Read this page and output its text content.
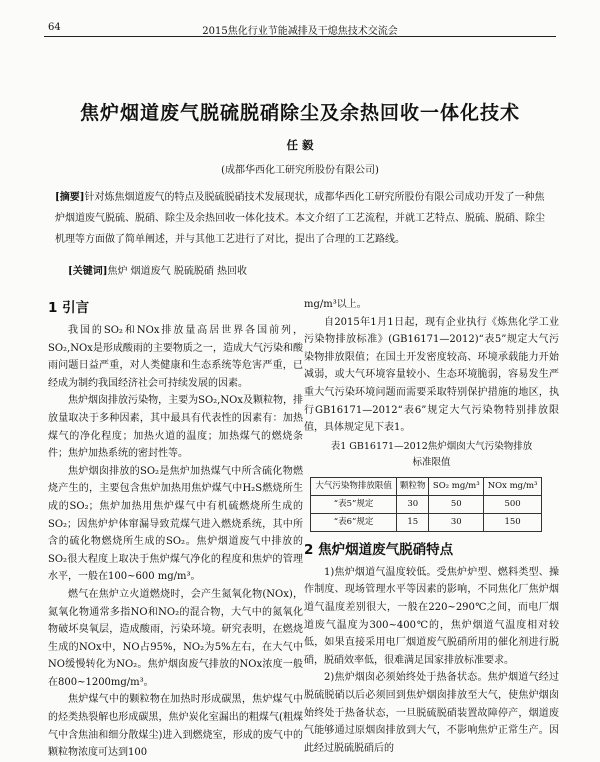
64	2015焦化行业节能减排及干熄焦技术交流会
焦炉烟道废气脱硫脱硝除尘及余热回收一体化技术
任 毅
(成都华西化工研究所股份有限公司)
[摘要]针对炼焦烟道废气的特点及脱硫脱硝技术发展现状，成都华西化工研究所股份有限公司成功开发了一种焦炉烟道废气脱硫、脱硝、除尘及余热回收一体化技术。本文介绍了工艺流程，并就工艺特点、脱硫、脱硝、除尘机理等方面做了简单阐述，并与其他工艺进行了对比，提出了合理的工艺路线。
[关键词]焦炉 烟道废气 脱硫脱硝 热回收
1 引言

我国的SO₂和NOx排放量高居世界各国前列，SO₂,NOx是形成酸雨的主要物质之一，造成大气污染和酸雨问题日益严重，对人类健康和生态系统等危害严重，已经成为制约我国经济社会可持续发展的因素。

焦炉烟囱排放污染物，主要为SO₂,NOx及颗粒物，排放量取决于多种因素，其中最具有代表性的因素有：加热煤气的净化程度；加热火道的温度；加热煤气的燃烧条件；焦炉加热系统的密封性等。

焦炉烟囱排放的SO₂是焦炉加热煤气中所含硫化物燃烧产生的，主要包含焦炉加热用焦炉煤气中H₂S燃烧所生成的SO₂；焦炉加热用焦炉煤气中有机硫燃烧所生成的SO₂；因焦炉炉体窜漏导致荒煤气进入燃烧系统，其中所含的硫化物燃烧所生成的SO₂。焦炉烟道废气中排放的SO₂很大程度上取决于焦炉煤气净化的程度和焦炉的管理水平，一般在100~600 mg/m³。

燃气在焦炉立火道燃烧时，会产生氮氧化物(NOx)，氮氧化物通常多指NO和NO₂的混合物，大气中的氮氧化物破坏臭氧层，造成酸雨，污染环境。研究表明，在燃烧生成的NOx中，NO占95%，NO₂为5%左右，在大气中NO缓慢转化为NO₂。焦炉烟囱废气排放的NOx浓度一般在800~1200mg/m³。

焦炉煤气中的颗粒物在加热时形成碳黑，焦炉煤气中的烃类热裂解也形成碳黑，焦炉炭化室漏出的粗煤气(粗煤气中含焦油和细分散煤尘)进入到燃烧室，形成的废气中的颗粒物浓度可达到100

mg/m³以上。

自2015年1月1日起，现有企业执行《炼焦化学工业污染物排放标准》(GB16171—2012)“表5”规定大气污染物排放限值；在国土开发密度较高、环境承载能力开始减弱，或大气环境容量较小、生态环境脆弱，容易发生严重大气污染环境问题而需要采取特别保护措施的地区，执行GB16171—2012“表6”规定大气污染物特别排放限值，具体规定见下表1。

表1 GB16171—2012焦炉烟囱大气污染物排放
标准限值
大气污染物排放限值	颗粒物	SO₂ mg/m³	NOx mg/m³
“表5”规定	30	50	500
“表6”规定	15	30	150
2 焦炉烟道废气脱硝特点

1)焦炉烟道气温度较低。受焦炉炉型、燃料类型、操作制度、现场管理水平等因素的影响，不同焦化厂焦炉烟道气温度差别很大，一般在220~290℃之间，而电厂烟道废气温度为300~400℃的，焦炉烟道气温度相对较低，如果直接采用电厂烟道废气脱硝所用的催化剂进行脱硝，脱硝效率低，很难满足国家排放标准要求。

2)焦炉烟囱必须始终处于热备状态。焦炉烟道气经过脱硫脱硝以后必须回到焦炉烟囱排放至大气，使焦炉烟囱始终处于热备状态，一旦脱硫脱硝装置故障停产，烟道废气能够通过原烟囱排放到大气，不影响焦炉正常生产。因此经过脱硫脱硝后的
